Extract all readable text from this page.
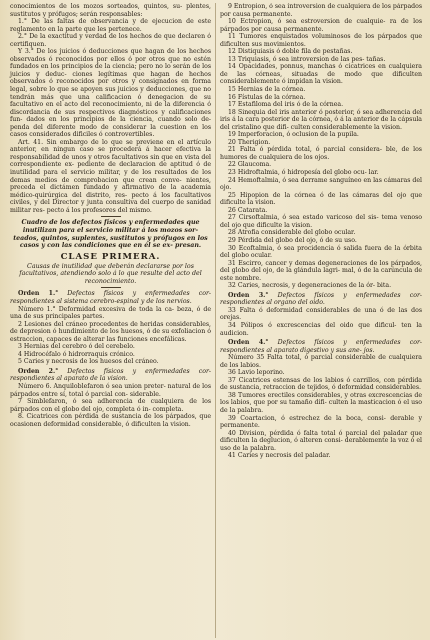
conocimientos de los mozos sorteados, quintos, su- plentes, sustitutos y prófugos; serán responsables:

1.° De las faltas de observancia y de ejecucion de este reglamento en la parte que les pertenece.

2.° De la exactitud y verdad de los hechos de que declaren ó certifiquen.

Y 3.° De los juicios ó deducciones que hagan de los hechos observados ó reconocidos por ellos ó por otros que no estén fundados en los principios de la ciencia; pero no lo serán de los juicios y deduc- ciones legítimas que hagan de hechos observados ó reconocidos por otros y consignados en forma legal, sobre lo que se apoyen sus juicios y deducciones, que no tendrán más que una calificacion ó denegacion de su facultativo en el acto del reconocimiento, ni de la diferencia ó discordancia de sus respectivos diagnósticos y calificaciones fun- dados en los principios de la ciencia, cuando solo de- penda del diferente modo de considerar la cuestion en los casos considerados dificiles ó controvertibles.

Art. 41. Sin embargo de lo que se previene en el artículo anterior, en ningun caso se procederá á hacer efectiva la responsabilidad de unos y otros facultativos sin que en vista del correspondiente ex- pediente de declaracion de aptitud ó de inutilidad para el servicio militar, y de los resultados de los demas medios de comprobacion que crean conve- nientes, preceda el dictámen fundado y afirmativo de la academia médico-quirúrgica del distrito, res- pecto á los facultativos civiles, y del Director y junta consultiva del cuerpo de sanidad militar res- pecto á los profesores del mismo.

Cuadro de los defectos físicos y enfermedades que inutilizan para el servicio militar á los mozos sor- teados, quintos, suplentes, sustitutos y prófugos en los casos y con las condiciones que en él se ex- presan.

CLASE PRIMERA.

Causas de inutilidad que deberán declararse por los facultativos, atendiendo solo á lo que resulte del acto del reconocimiento.

Orden 1.° Defectos físicos y enfermedades cor- respondientes al sistema cerebro-espinal y de los nervios.

Número 1.° Deformidad excesiva de toda la ca- beza, ó de una de sus principales partes.

2 Lesiones del cráneo procedentes de heridas considerables, de depresion ó hundimiento de los huesos, ó de su exfoliacion ó estraccion, capaces de alterar las funciones encefálicas.

3 Hernias del cerebro ó del cerebelo.

4 Hidrocéfalo ó hidrorraquis crónico.

5 Caries y necrosis de los huesos del cráneo.

Orden 2.° Defectos físicos y enfermedades cor- respondientes al aparato de la vision.

Número 6. Anquiloblefaron ó sea union preter- natural de los párpados entre sí, total ó parcial con- siderable.

7 Simblefaron, ó sea adherencia de cualquiera de los párpados con el globo del ojo, completa ó in- completa.

8. Cicatrices con pérdida de sustancia de los párpados, que ocasionen deformidad considerable, ó dificulten la vision.

9 Entropion, ó sea introversion de cualquiera de los párpados por causa permanente.

10 Ectropion, ó sea estroversion de cualquie- ra de los párpados por causa permanente.

11 Tumores enquistados voluminosos de los párpados que dificulten sus movimientos.

12 Distiquiasis ó doble fila de pestañas.

13 Triquiasis, ó sea introversion de las pes- tañas.

14 Opacidades, ponnus, manchas ó cicatrices en cualquiera de las córneas, situadas de modo que dificulten considerablemente ó impidan la vision.

15 Hernias de la córnea.

16 Fístulas de la córnea.

17 Estafiloma del iris ó de la córnea.

18 Sinequia del iris anterior ó posterior, ó sea adherencia del iris á la cara posterior de la córnea, ó á la anterior de la cápsula del cristalino que difi- culten considerablemente la vision.

19 Imperforacion, ó oclusion de la pupila.

20 Therigion.

21 Falta ó pérdida total, ó parcial considera- ble, de los humores de cualquiera de los ojos.

22 Glaucoma.

23 Hidroftalmia, ó hidropesía del globo ocu- lar.

24 Hemoftalmia, ó sea derrame sanguíneo en las cámaras del ojo.

25 Hipopion de la córnea ó de las cámaras del ojo que dificulte la vision.

26 Catarata.

27 Cirsoftalmia, ó sea estado varicoso del sis- tema venoso del ojo que dificulte la vision.

28 Atrofia considerable del globo ocular.

29 Pérdida del globo del ojo, ó de su uso.

30 Ecoftalmia, ó sea procidencia ó salida fuera de la órbita del globo ocular.

31 Escirro, cancer y demas degeneraciones de los párpados, del globo del ojo, de la glándula lagri- mal, ó de la carúncula de este nombre.

32 Caries, necrosis, y degeneraciones de la ór- bita.

Orden 3.° Defectos físicos y enfermedades cor- respondientes al organo del oido.

33 Falta ó deformidad considerables de una ó de las dos orejas.

34 Pólipos ó excrescencias del oido que dificul- ten la audicion.

Orden 4.° Defectos físicos y enfermedades cor- respondientes al aparato digestivo y sus ane- jos.

Número 35 Falta total, ó parcial considerable de cualquiera de los labios.

36 Lavio leporino.

37 Cicatrices estensas de los labios ó carrillos, con pérdida de sustancia, retraccion de tejidos, ó deformidad considerables.

38 Tumores erectiles considerables, y otras excrescencias de los labios, que por su tamaño difi- culten la masticacion ó el uso de la palabra.

39 Coartacion, ó estrechez de la boca, consi- derable y permanente.

40 Division, pérdida ó falta total ó parcial del paladar que dificulten la deglucion, ó alteren consi- derablemente la voz ó el uso de la palabra.

41 Caries y necrosis del paladar.
